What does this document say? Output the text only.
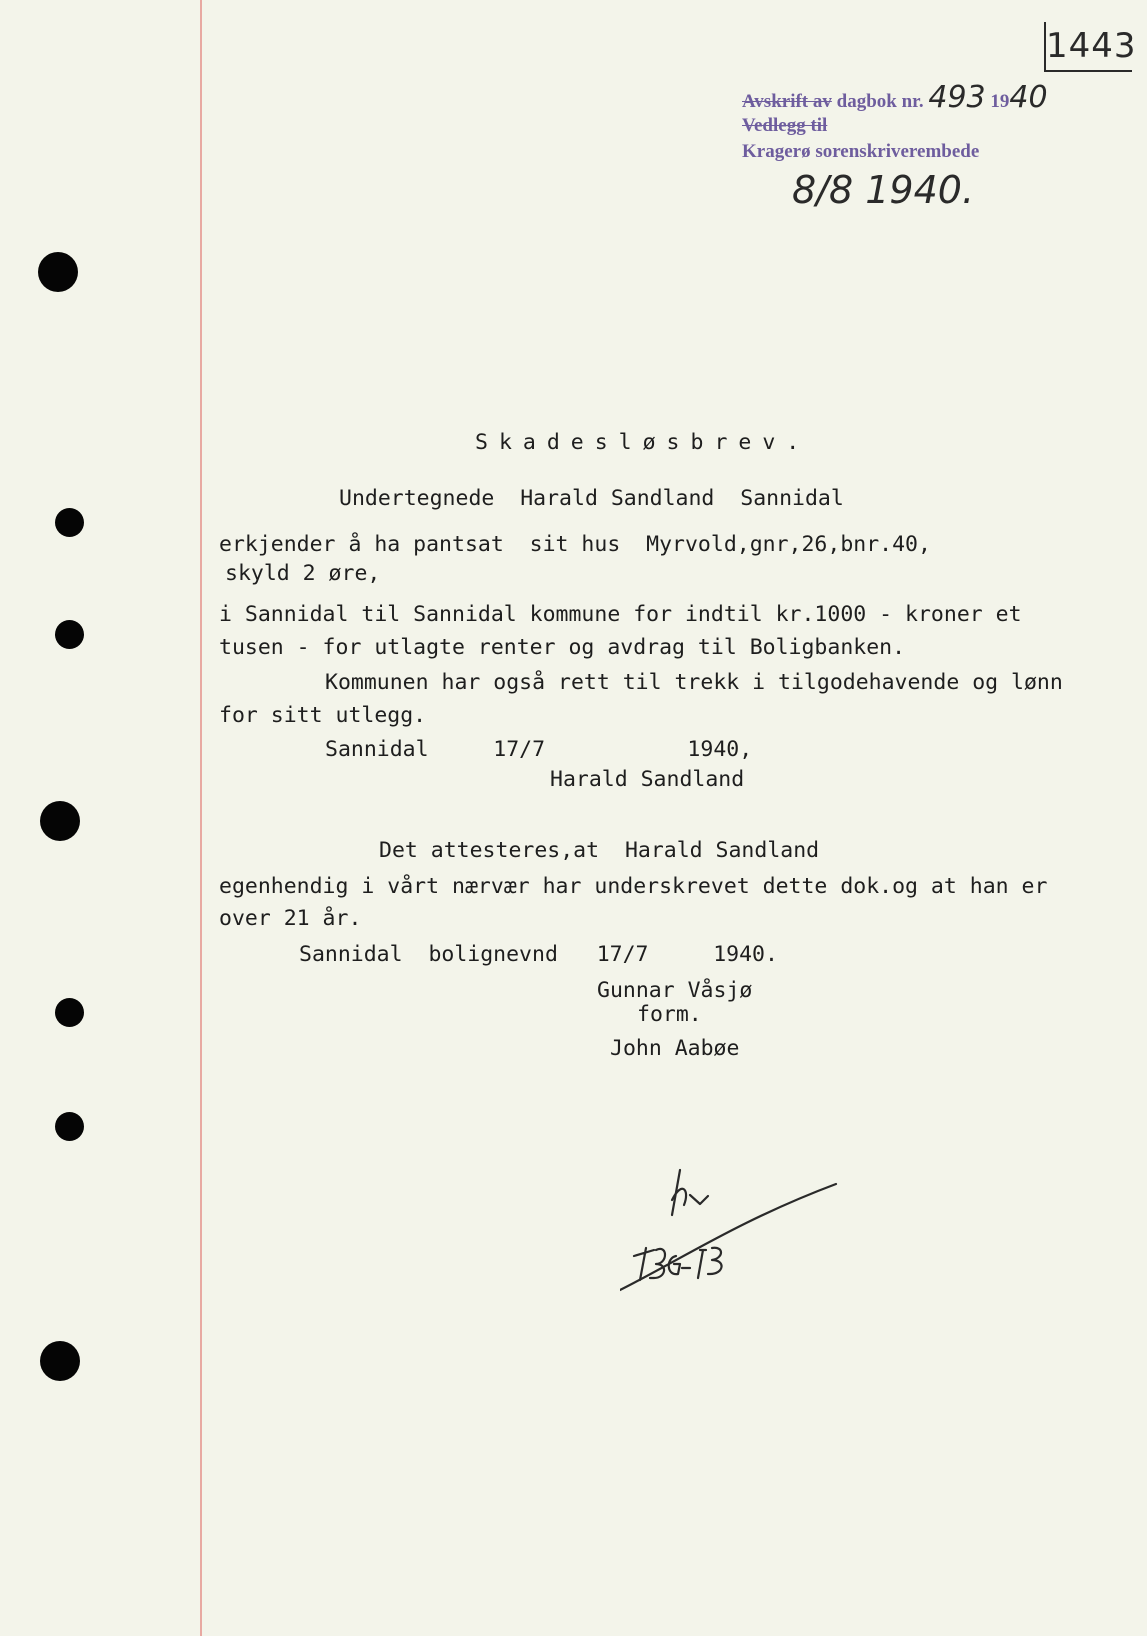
1443
Avskrift av dagbok nr. 493 1940
Vedlegg til
Kragerø sorenskriverembede
8/8 1940.
Skadesløsbrev.
Undertegnede  Harald Sandland  Sannidal
erkjender å ha pantsat  sit hus  Myrvold,gnr,26,bnr.40,
skyld 2 øre,
i Sannidal til Sannidal kommune for indtil kr.1000 - kroner et
tusen - for utlagte renter og avdrag til Boligbanken.
Kommunen har også rett til trekk i tilgodehavende og lønn
for sitt utlegg.
Sannidal     17/7           1940,
Harald Sandland
Det attesteres,at  Harald Sandland
egenhendig i vårt nærvær har underskrevet dette dok.og at han er
over 21 år.
Sannidal  bolignevnd   17/7     1940.
Gunnar Våsjø
form.
John Aabøe
